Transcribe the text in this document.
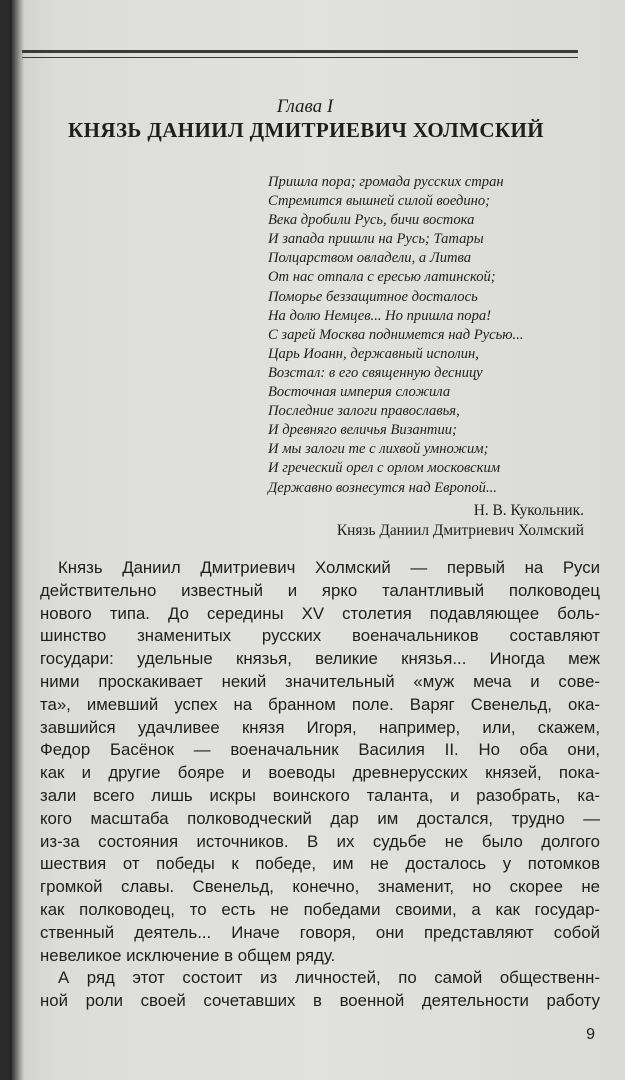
Глава I
КНЯЗЬ ДАНИИЛ ДМИТРИЕВИЧ ХОЛМСКИЙ
Пришла пора; громада русских стран
Стремится вышней силой воедино;
Века дробили Русь, бичи востока
И запада пришли на Русь; Татары
Полцарством овладели, а Литва
От нас отпала с ересью латинской;
Поморье беззащитное досталось
На долю Немцев... Но пришла пора!
С зарей Москва поднимется над Русью...
Царь Иоанн, державный исполин,
Возстал: в его священную десницу
Восточная империя сложила
Последние залоги православья,
И древняго величья Византии;
И мы залоги те с лихвой умножим;
И греческий орел с орлом московским
Державно вознесутся над Европой...
Н. В. Кукольник.
Князь Даниил Дмитриевич Холмский
Князь Даниил Дмитриевич Холмский — первый на Руси
действительно известный и ярко талантливый полководец
нового типа. До середины XV столетия подавляющее боль-
шинство знаменитых русских военачальников составляют
государи: удельные князья, великие князья... Иногда меж
ними проскакивает некий значительный «муж меча и сове-
та», имевший успех на бранном поле. Варяг Свенельд, ока-
завшийся удачливее князя Игоря, например, или, скажем,
Федор Басёнок — военачальник Василия II. Но оба они,
как и другие бояре и воеводы древнерусских князей, пока-
зали всего лишь искры воинского таланта, и разобрать, ка-
кого масштаба полководческий дар им достался, трудно —
из-за состояния источников. В их судьбе не было долгого
шествия от победы к победе, им не досталось у потомков
громкой славы. Свенельд, конечно, знаменит, но скорее не
как полководец, то есть не победами своими, а как государ-
ственный деятель... Иначе говоря, они представляют собой
невеликое исключение в общем ряду.
А ряд этот состоит из личностей, по самой общественн-
ной роли своей сочетавших в военной деятельности работу
9
